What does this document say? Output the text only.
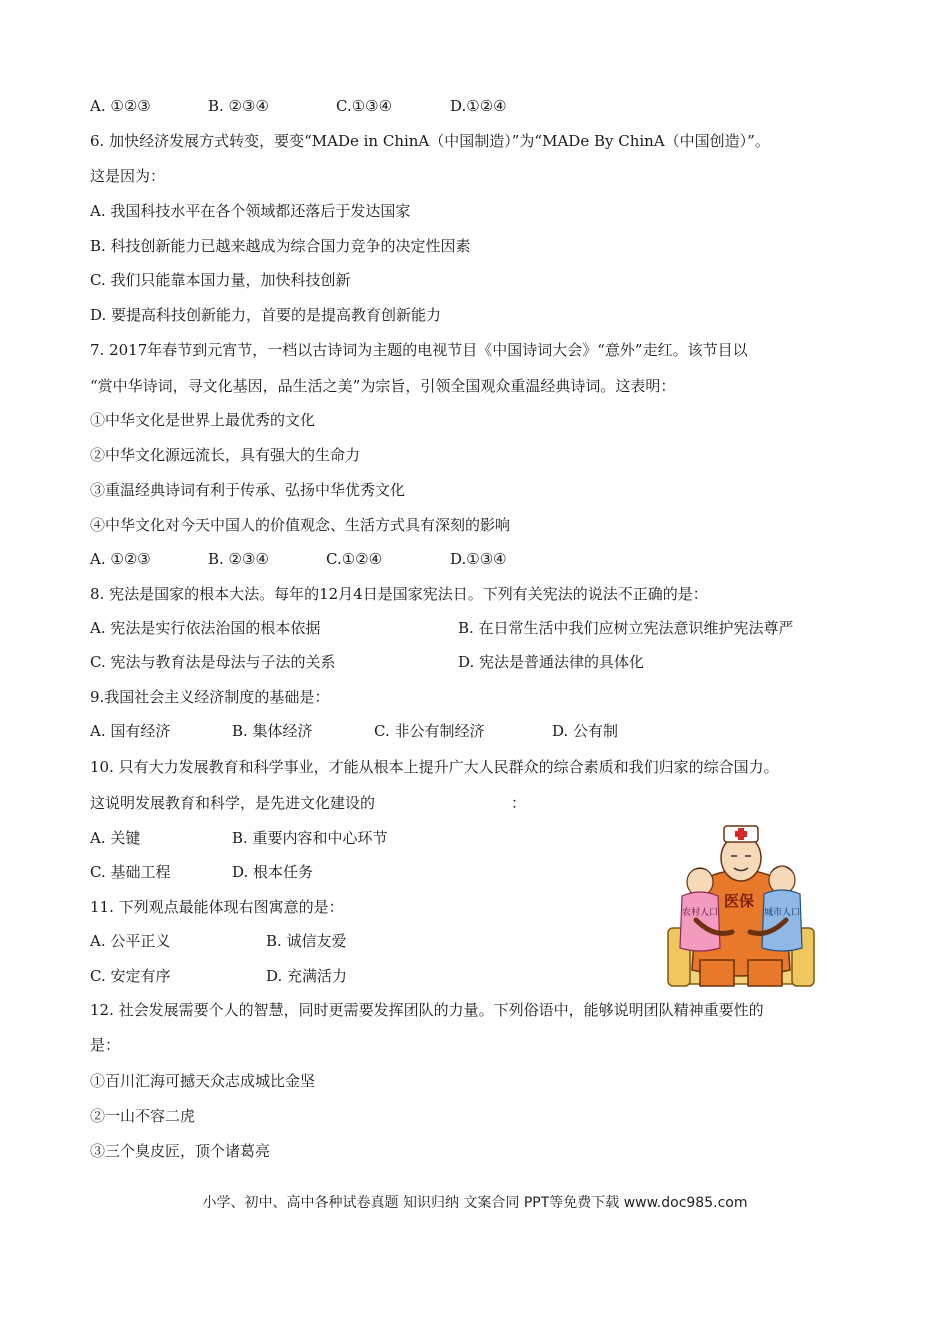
A. ①②③	B. ②③④	C.①③④	D.①②④
6. 加快经济发展方式转变，要变“MADe in ChinA（中国制造）”为“MADe By ChinA（中国创造）”。
这是因为：
A. 我国科技水平在各个领域都还落后于发达国家
B. 科技创新能力已越来越成为综合国力竞争的决定性因素
C. 我们只能靠本国力量，加快科技创新
D. 要提高科技创新能力，首要的是提高教育创新能力
7. 2017年春节到元宵节，一档以古诗词为主题的电视节目《中国诗词大会》“意外”走红。该节目以
“赏中华诗词，寻文化基因，品生活之美”为宗旨，引领全国观众重温经典诗词。这表明：
①中华文化是世界上最优秀的文化
②中华文化源远流长，具有强大的生命力
③重温经典诗词有利于传承、弘扬中华优秀文化
④中华文化对今天中国人的价值观念、生活方式具有深刻的影响
A. ①②③	B. ②③④	C.①②④	D.①③④
8. 宪法是国家的根本大法。每年的12月4日是国家宪法日。下列有关宪法的说法不正确的是：
A. 宪法是实行依法治国的根本依据	B. 在日常生活中我们应树立宪法意识维护宪法尊严
C. 宪法与教育法是母法与子法的关系	D. 宪法是普通法律的具体化
9.我国社会主义经济制度的基础是：
A. 国有经济	B. 集体经济	C. 非公有制经济	D. 公有制
10. 只有大力发展教育和科学事业，才能从根本上提升广大人民群众的综合素质和我们归家的综合国力。
这说明发展教育和科学，是先进文化建设的	：
A. 关键	B. 重要内容和中心环节
C. 基础工程	D. 根本任务
11. 下列观点最能体现右图寓意的是：
A. 公平正义	B. 诚信友爱
C. 安定有序	D. 充满活力
医保
农村人口	城市人口
12. 社会发展需要个人的智慧，同时更需要发挥团队的力量。下列俗语中，能够说明团队精神重要性的
是：
①百川汇海可撼天众志成城比金坚
②一山不容二虎
③三个臭皮匠，顶个诸葛亮
小学、初中、高中各种试卷真题 知识归纳 文案合同 PPT等免费下载 www.doc985.com
